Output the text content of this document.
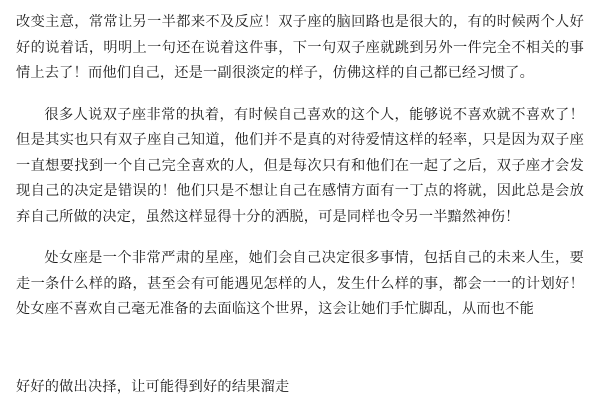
改变主意，常常让另一半都来不及反应！双子座的脑回路也是很大的，有的时候两个人好好的说着话，明明上一句还在说着这件事，下一句双子座就跳到另外一件完全不相关的事情上去了！而他们自己，还是一副很淡定的样子，仿佛这样的自己都已经习惯了。

很多人说双子座非常的执着，有时候自己喜欢的这个人，能够说不喜欢就不喜欢了！但是其实也只有双子座自己知道，他们并不是真的对待爱情这样的轻率，只是因为双子座一直想要找到一个自己完全喜欢的人，但是每次只有和他们在一起了之后，双子座才会发现自己的决定是错误的！他们只是不想让自己在感情方面有一丁点的将就，因此总是会放弃自己所做的决定，虽然这样显得十分的洒脱，可是同样也令另一半黯然神伤！

处女座是一个非常严肃的星座，她们会自己决定很多事情，包括自己的未来人生，要走一条什么样的路，甚至会有可能遇见怎样的人，发生什么样的事，都会一一的计划好！处女座不喜欢自己毫无准备的去面临这个世界，这会让她们手忙脚乱，从而也不能

好好的做出决择，让可能得到好的结果溜走
